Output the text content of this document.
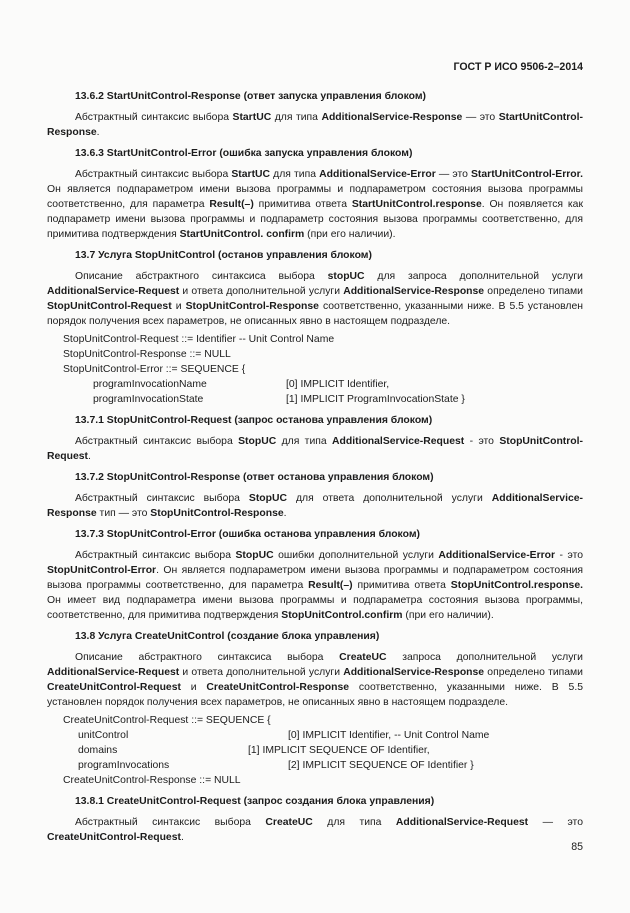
ГОСТ Р ИСО 9506-2–2014
13.6.2 StartUnitControl-Response (ответ запуска управления блоком)
Абстрактный синтаксис выбора StartUC для типа AdditionalService-Response — это StartUnitControl-Response.
13.6.3 StartUnitControl-Error (ошибка запуска управления блоком)
Абстрактный синтаксис выбора StartUC для типа AdditionalService-Error — это StartUnitControl-Error. Он является подпараметром имени вызова программы и подпараметром состояния вызова программы соответственно, для параметра Result(–) примитива ответа StartUnitControl.response. Он появляется как подпараметр имени вызова программы и подпараметр состояния вызова программы соответственно, для примитива подтверждения StartUnitControl. confirm (при его наличии).
13.7 Услуга StopUnitControl (останов управления блоком)
Описание абстрактного синтаксиса выбора stopUC для запроса дополнительной услуги AdditionalService-Request и ответа дополнительной услуги AdditionalService-Response определено типами StopUnitControl-Request и StopUnitControl-Response соответственно, указанными ниже. В 5.5 установлен порядок получения всех параметров, не описанных явно в настоящем подразделе.
StopUnitControl-Request ::= Identifier -- Unit Control Name
StopUnitControl-Response ::= NULL
StopUnitControl-Error ::= SEQUENCE {
programInvocationName	[0] IMPLICIT Identifier,
programInvocationState	[1] IMPLICIT ProgramInvocationState }
13.7.1 StopUnitControl-Request (запрос останова управления блоком)
Абстрактный синтаксис выбора StopUC для типа AdditionalService-Request - это StopUnitControl-Request.
13.7.2 StopUnitControl-Response (ответ останова управления блоком)
Абстрактный синтаксис выбора StopUC для ответа дополнительной услуги AdditionalService-Response тип — это StopUnitControl-Response.
13.7.3 StopUnitControl-Error (ошибка останова управления блоком)
Абстрактный синтаксис выбора StopUC ошибки дополнительной услуги AdditionalService-Error - это StopUnitControl-Error. Он является подпараметром имени вызова программы и подпараметром состояния вызова программы соответственно, для параметра Result(–) примитива ответа StopUnitControl.response. Он имеет вид подпараметра имени вызова программы и подпараметра состояния вызова программы, соответственно, для примитива подтверждения StopUnitControl.confirm (при его наличии).
13.8 Услуга CreateUnitControl (создание блока управления)
Описание абстрактного синтаксиса выбора CreateUC запроса дополнительной услуги AdditionalService-Request и ответа дополнительной услуги AdditionalService-Response определено типами CreateUnitControl-Request и CreateUnitControl-Response соответственно, указанными ниже. В 5.5 установлен порядок получения всех параметров, не описанных явно в настоящем подразделе.
CreateUnitControl-Request ::= SEQUENCE {
unitControl	[0] IMPLICIT Identifier, -- Unit Control Name
domains	[1] IMPLICIT SEQUENCE OF Identifier,
programInvocations	[2] IMPLICIT SEQUENCE OF Identifier }
CreateUnitControl-Response ::= NULL
13.8.1 CreateUnitControl-Request (запрос создания блока управления)
Абстрактный синтаксис выбора CreateUC для типа AdditionalService-Request — это CreateUnitControl-Request.
85
